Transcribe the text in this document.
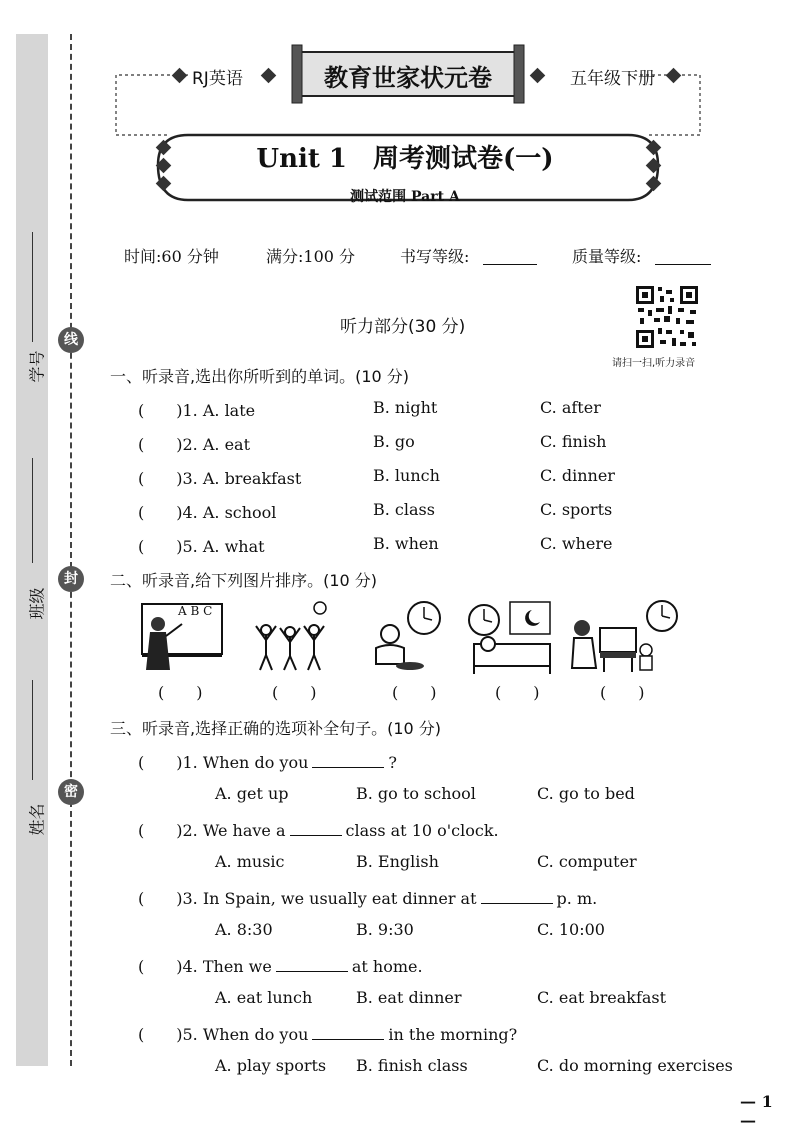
学号
班级
姓名
线
封
密
RJ英语	教育世家状元卷	五年级下册
Unit 1　周考测试卷(一)
测试范围 Part A
时间:60 分钟	满分:100 分	书写等级:	质量等级:
请扫一扫,听力录音
听力部分(30 分)
一、听录音,选出你所听到的单词。(10 分)
(　　)1. A. late	B. night	C. after
(　　)2. A. eat	B. go	C. finish
(　　)3. A. breakfast	B. lunch	C. dinner
(　　)4. A. school	B. class	C. sports
(　　)5. A. what	B. when	C. where
二、听录音,给下列图片排序。(10 分)
A B C
(　　)	(　　)	(　　)	(　　)	(　　)
三、听录音,选择正确的选项补全句子。(10 分)
(　　)1. When do you	?
A. get up	B. go to school	C. go to bed
(　　)2. We have a	class at 10 o'clock.
A. music	B. English	C. computer
(　　)3. In Spain, we usually eat dinner at	p. m.
A. 8:30	B. 9:30	C. 10:00
(　　)4. Then we	at home.
A. eat lunch	B. eat dinner	C. eat breakfast
(　　)5. When do you	in the morning?
A. play sports B. finish class	C. do morning exercises
— 1 —
